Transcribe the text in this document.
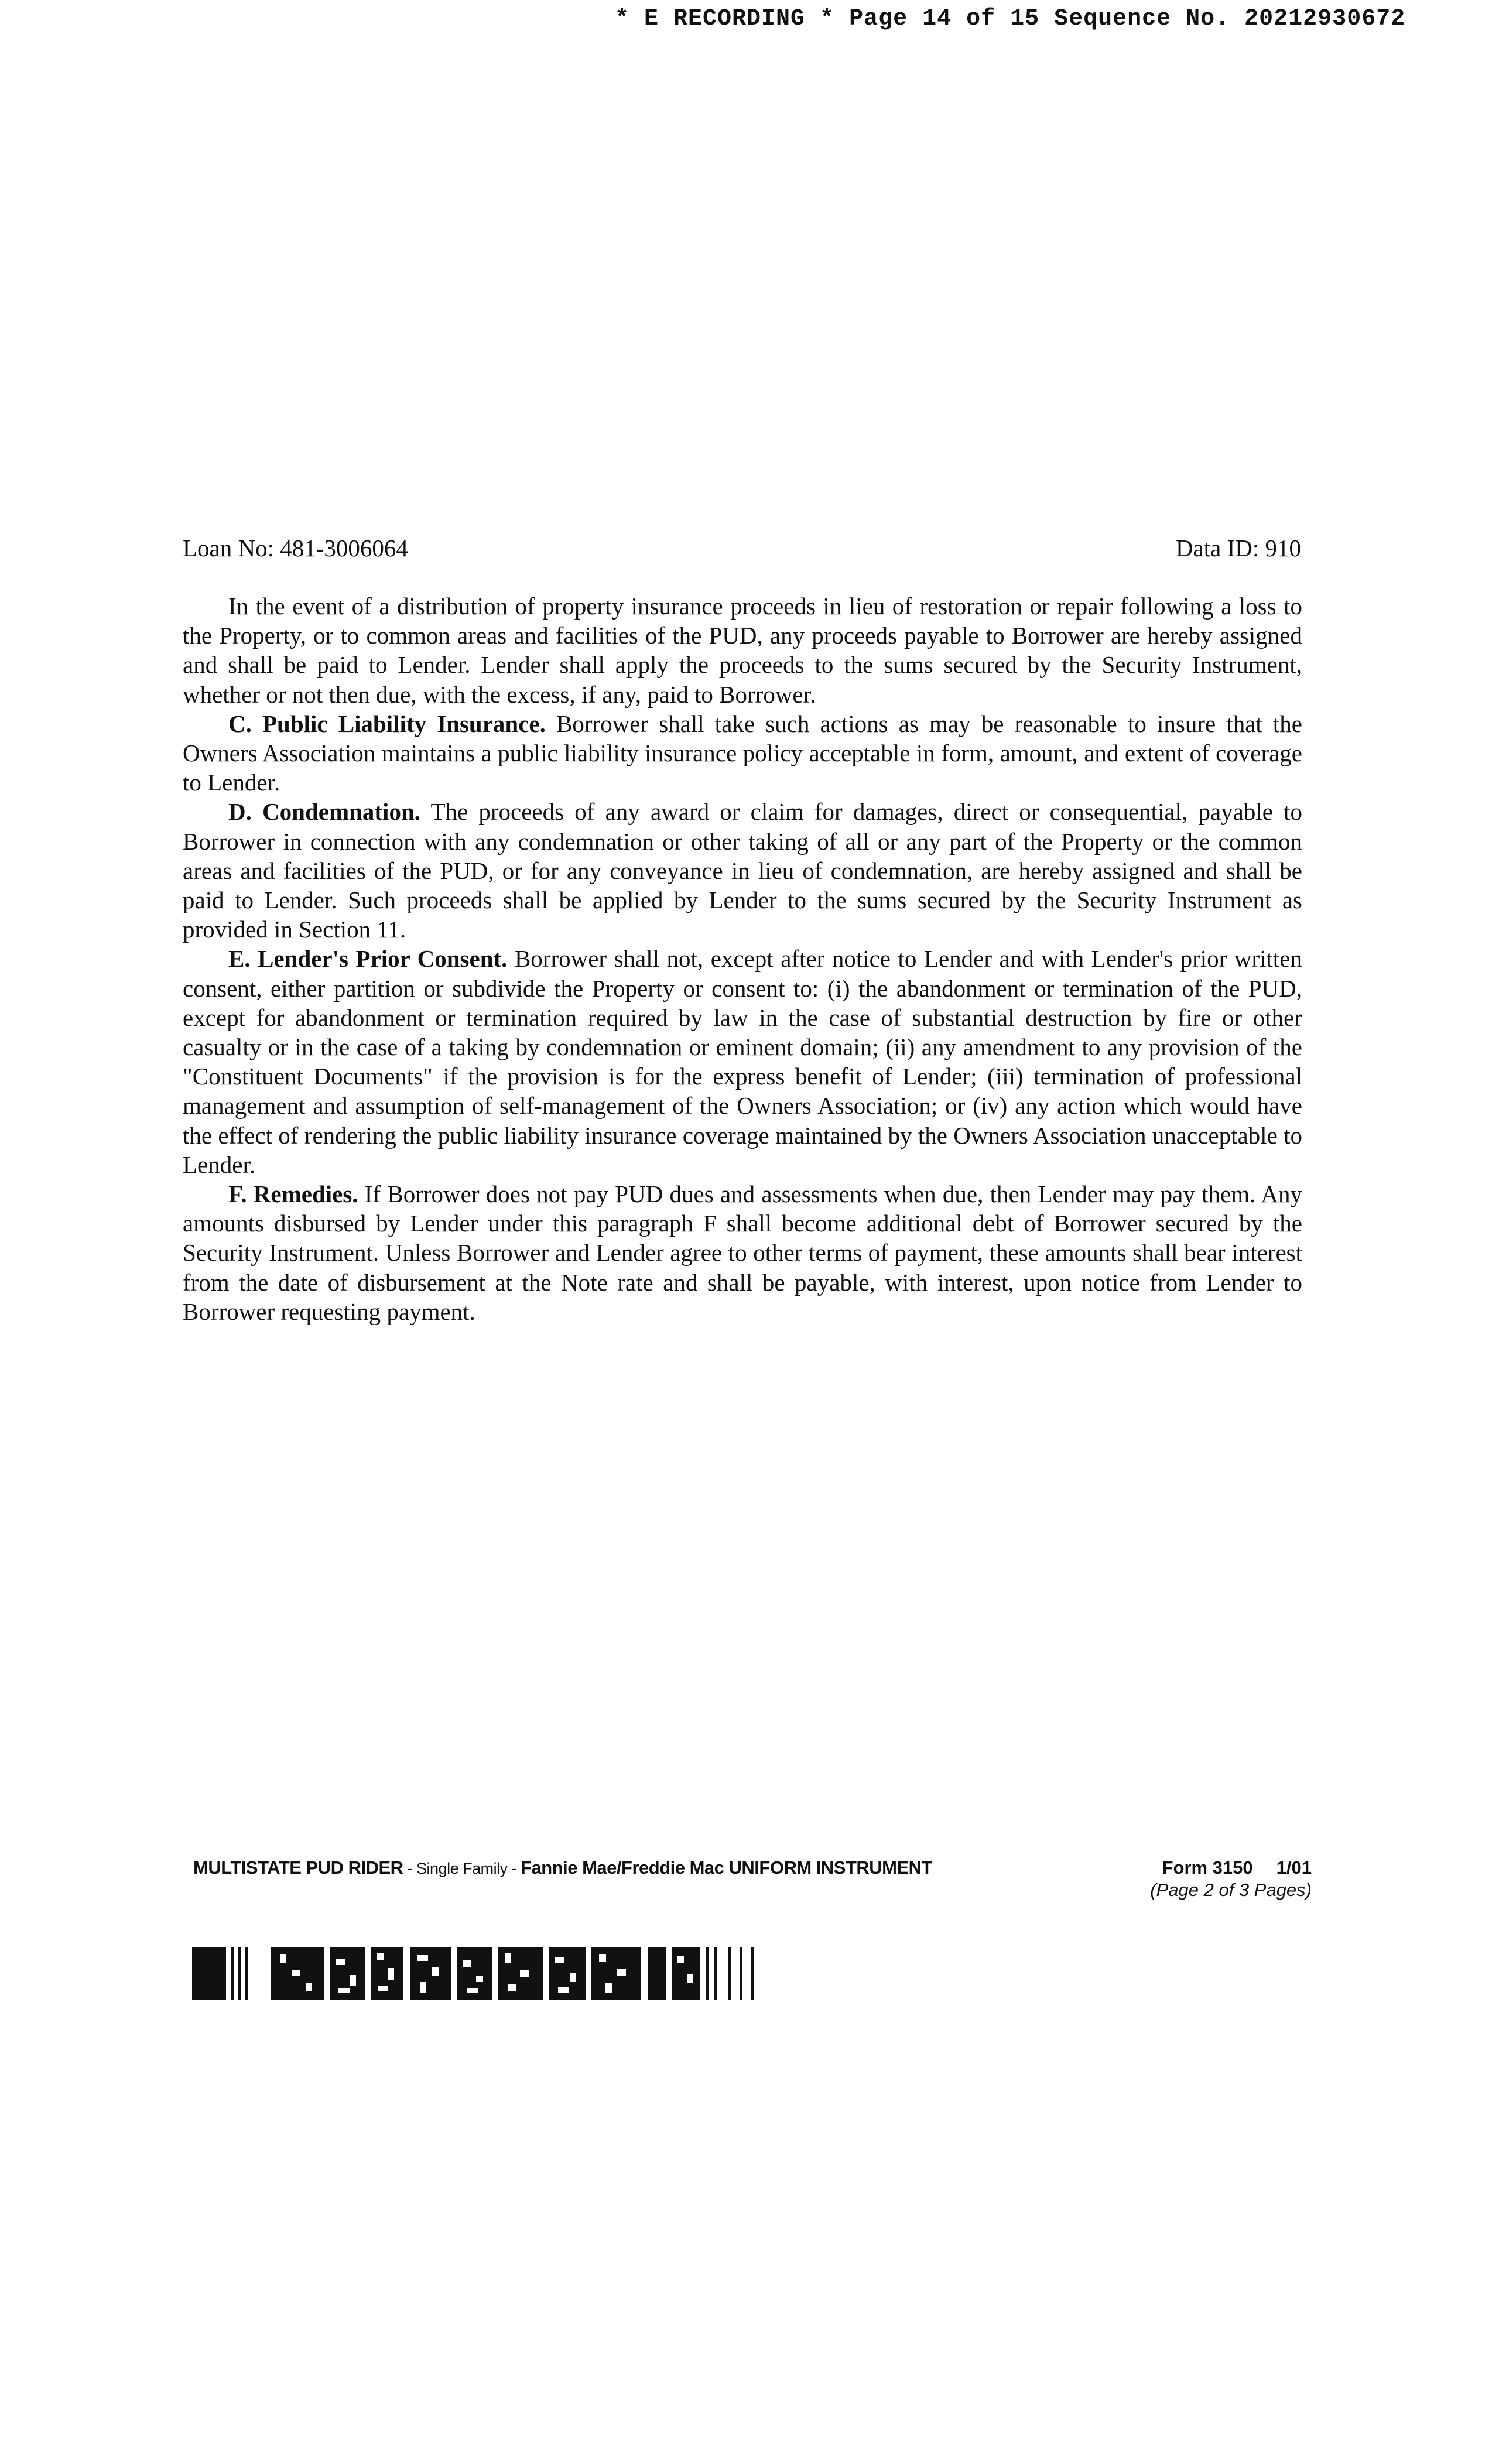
* E RECORDING * Page 14 of 15 Sequence No. 20212930672
Loan No: 481-3006064	Data ID: 910

In the event of a distribution of property insurance proceeds in lieu of restoration or repair following a loss to the Property, or to common areas and facilities of the PUD, any proceeds payable to Borrower are hereby assigned and shall be paid to Lender. Lender shall apply the proceeds to the sums secured by the Security Instrument, whether or not then due, with the excess, if any, paid to Borrower.

C. Public Liability Insurance. Borrower shall take such actions as may be reasonable to insure that the Owners Association maintains a public liability insurance policy acceptable in form, amount, and extent of coverage to Lender.

D. Condemnation. The proceeds of any award or claim for damages, direct or consequential, payable to Borrower in connection with any condemnation or other taking of all or any part of the Property or the common areas and facilities of the PUD, or for any conveyance in lieu of condemnation, are hereby assigned and shall be paid to Lender. Such proceeds shall be applied by Lender to the sums secured by the Security Instrument as provided in Section 11.

E. Lender's Prior Consent. Borrower shall not, except after notice to Lender and with Lender's prior written consent, either partition or subdivide the Property or consent to: (i) the abandonment or termination of the PUD, except for abandonment or termination required by law in the case of substantial destruction by fire or other casualty or in the case of a taking by condemnation or eminent domain; (ii) any amendment to any provision of the "Constituent Documents" if the provision is for the express benefit of Lender; (iii) termination of professional management and assumption of self-management of the Owners Association; or (iv) any action which would have the effect of rendering the public liability insurance coverage maintained by the Owners Association unacceptable to Lender.

F. Remedies. If Borrower does not pay PUD dues and assessments when due, then Lender may pay them. Any amounts disbursed by Lender under this paragraph F shall become additional debt of Borrower secured by the Security Instrument. Unless Borrower and Lender agree to other terms of payment, these amounts shall bear interest from the date of disbursement at the Note rate and shall be payable, with interest, upon notice from Lender to Borrower requesting payment.

MULTISTATE PUD RIDER - Single Family - Fannie Mae/Freddie Mac UNIFORM INSTRUMENT	Form 3150 1/01
(Page 2 of 3 Pages)
